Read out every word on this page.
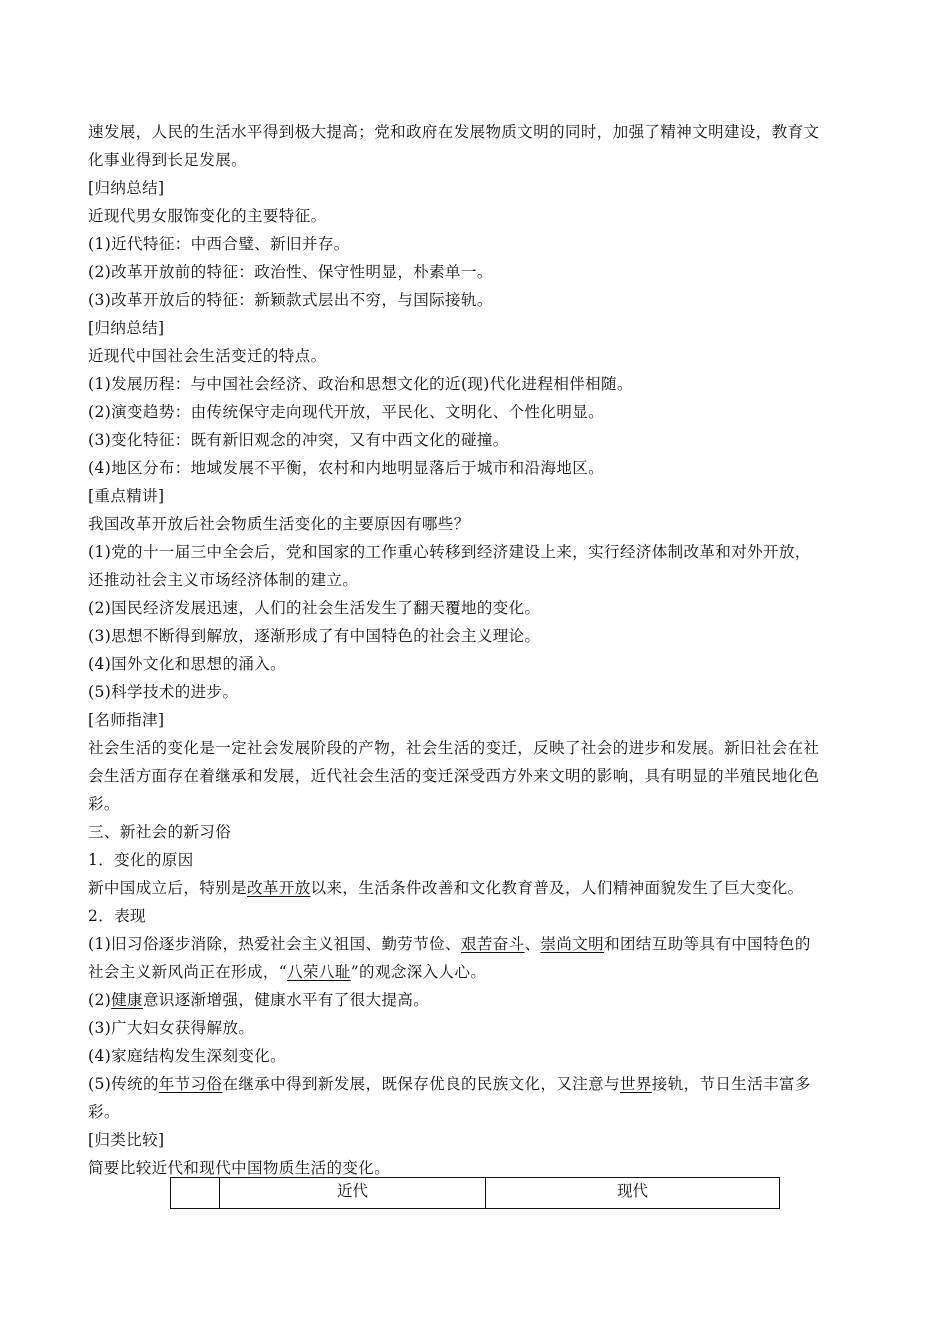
速发展，人民的生活水平得到极大提高；党和政府在发展物质文明的同时，加强了精神文明建设，教育文
化事业得到长足发展。
[归纳总结]
近现代男女服饰变化的主要特征。
(1)近代特征：中西合璧、新旧并存。
(2)改革开放前的特征：政治性、保守性明显，朴素单一。
(3)改革开放后的特征：新颖款式层出不穷，与国际接轨。
[归纳总结]
近现代中国社会生活变迁的特点。
(1)发展历程：与中国社会经济、政治和思想文化的近(现)代化进程相伴相随。
(2)演变趋势：由传统保守走向现代开放，平民化、文明化、个性化明显。
(3)变化特征：既有新旧观念的冲突，又有中西文化的碰撞。
(4)地区分布：地域发展不平衡，农村和内地明显落后于城市和沿海地区。
[重点精讲]
我国改革开放后社会物质生活变化的主要原因有哪些？
(1)党的十一届三中全会后，党和国家的工作重心转移到经济建设上来，实行经济体制改革和对外开放，
还推动社会主义市场经济体制的建立。
(2)国民经济发展迅速，人们的社会生活发生了翻天覆地的变化。
(3)思想不断得到解放，逐渐形成了有中国特色的社会主义理论。
(4)国外文化和思想的涌入。
(5)科学技术的进步。
[名师指津]
社会生活的变化是一定社会发展阶段的产物，社会生活的变迁，反映了社会的进步和发展。新旧社会在社
会生活方面存在着继承和发展，近代社会生活的变迁深受西方外来文明的影响，具有明显的半殖民地化色
彩。
三、新社会的新习俗
1．变化的原因
新中国成立后，特别是改革开放以来，生活条件改善和文化教育普及，人们精神面貌发生了巨大变化。
2．表现
(1)旧习俗逐步消除，热爱社会主义祖国、勤劳节俭、艰苦奋斗、崇尚文明和团结互助等具有中国特色的
社会主义新风尚正在形成，“八荣八耻”的观念深入人心。
(2)健康意识逐渐增强，健康水平有了很大提高。
(3)广大妇女获得解放。
(4)家庭结构发生深刻变化。
(5)传统的年节习俗在继承中得到新发展，既保存优良的民族文化，又注意与世界接轨，节日生活丰富多
彩。
[归类比较]
简要比较近代和现代中国物质生活的变化。
	近代	现代
